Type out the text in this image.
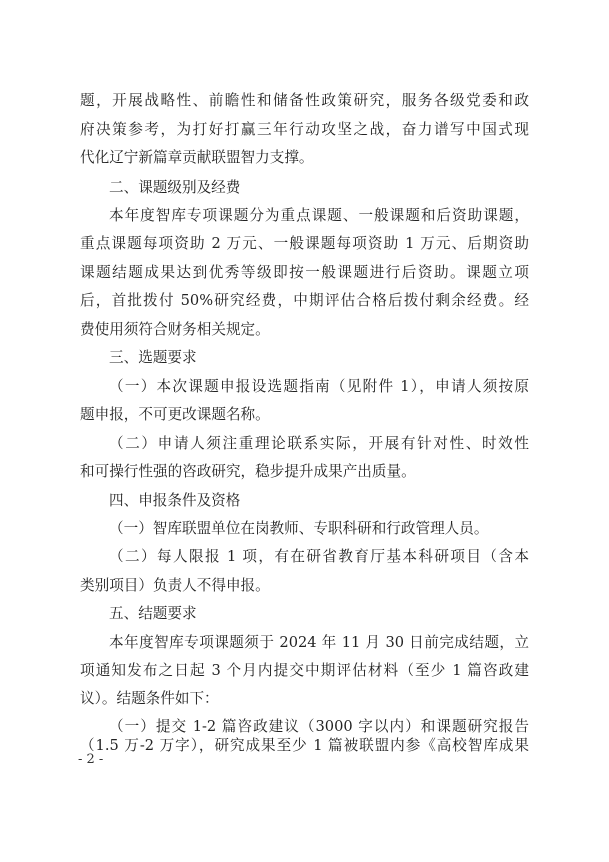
题，开展战略性、前瞻性和储备性政策研究，服务各级党委和政
府决策参考，为打好打赢三年行动攻坚之战，奋力谱写中国式现
代化辽宁新篇章贡献联盟智力支撑。
二、课题级别及经费
本年度智库专项课题分为重点课题、一般课题和后资助课题，
重点课题每项资助 2 万元、一般课题每项资助 1 万元、后期资助
课题结题成果达到优秀等级即按一般课题进行后资助。课题立项
后，首批拨付 50%研究经费，中期评估合格后拨付剩余经费。经
费使用须符合财务相关规定。
三、选题要求
（一）本次课题申报设选题指南（见附件 1），申请人须按原
题申报，不可更改课题名称。
（二）申请人须注重理论联系实际，开展有针对性、时效性
和可操行性强的咨政研究，稳步提升成果产出质量。
四、申报条件及资格
（一）智库联盟单位在岗教师、专职科研和行政管理人员。
（二）每人限报 1 项，有在研省教育厅基本科研项目（含本
类别项目）负责人不得申报。
五、结题要求
本年度智库专项课题须于 2024 年 11 月 30 日前完成结题，立
项通知发布之日起 3 个月内提交中期评估材料（至少 1 篇咨政建
议）。结题条件如下：
（一）提交 1-2 篇咨政建议（3000 字以内）和课题研究报告
（1.5 万-2 万字），研究成果至少 1 篇被联盟内参《高校智库成果
- 2 -
